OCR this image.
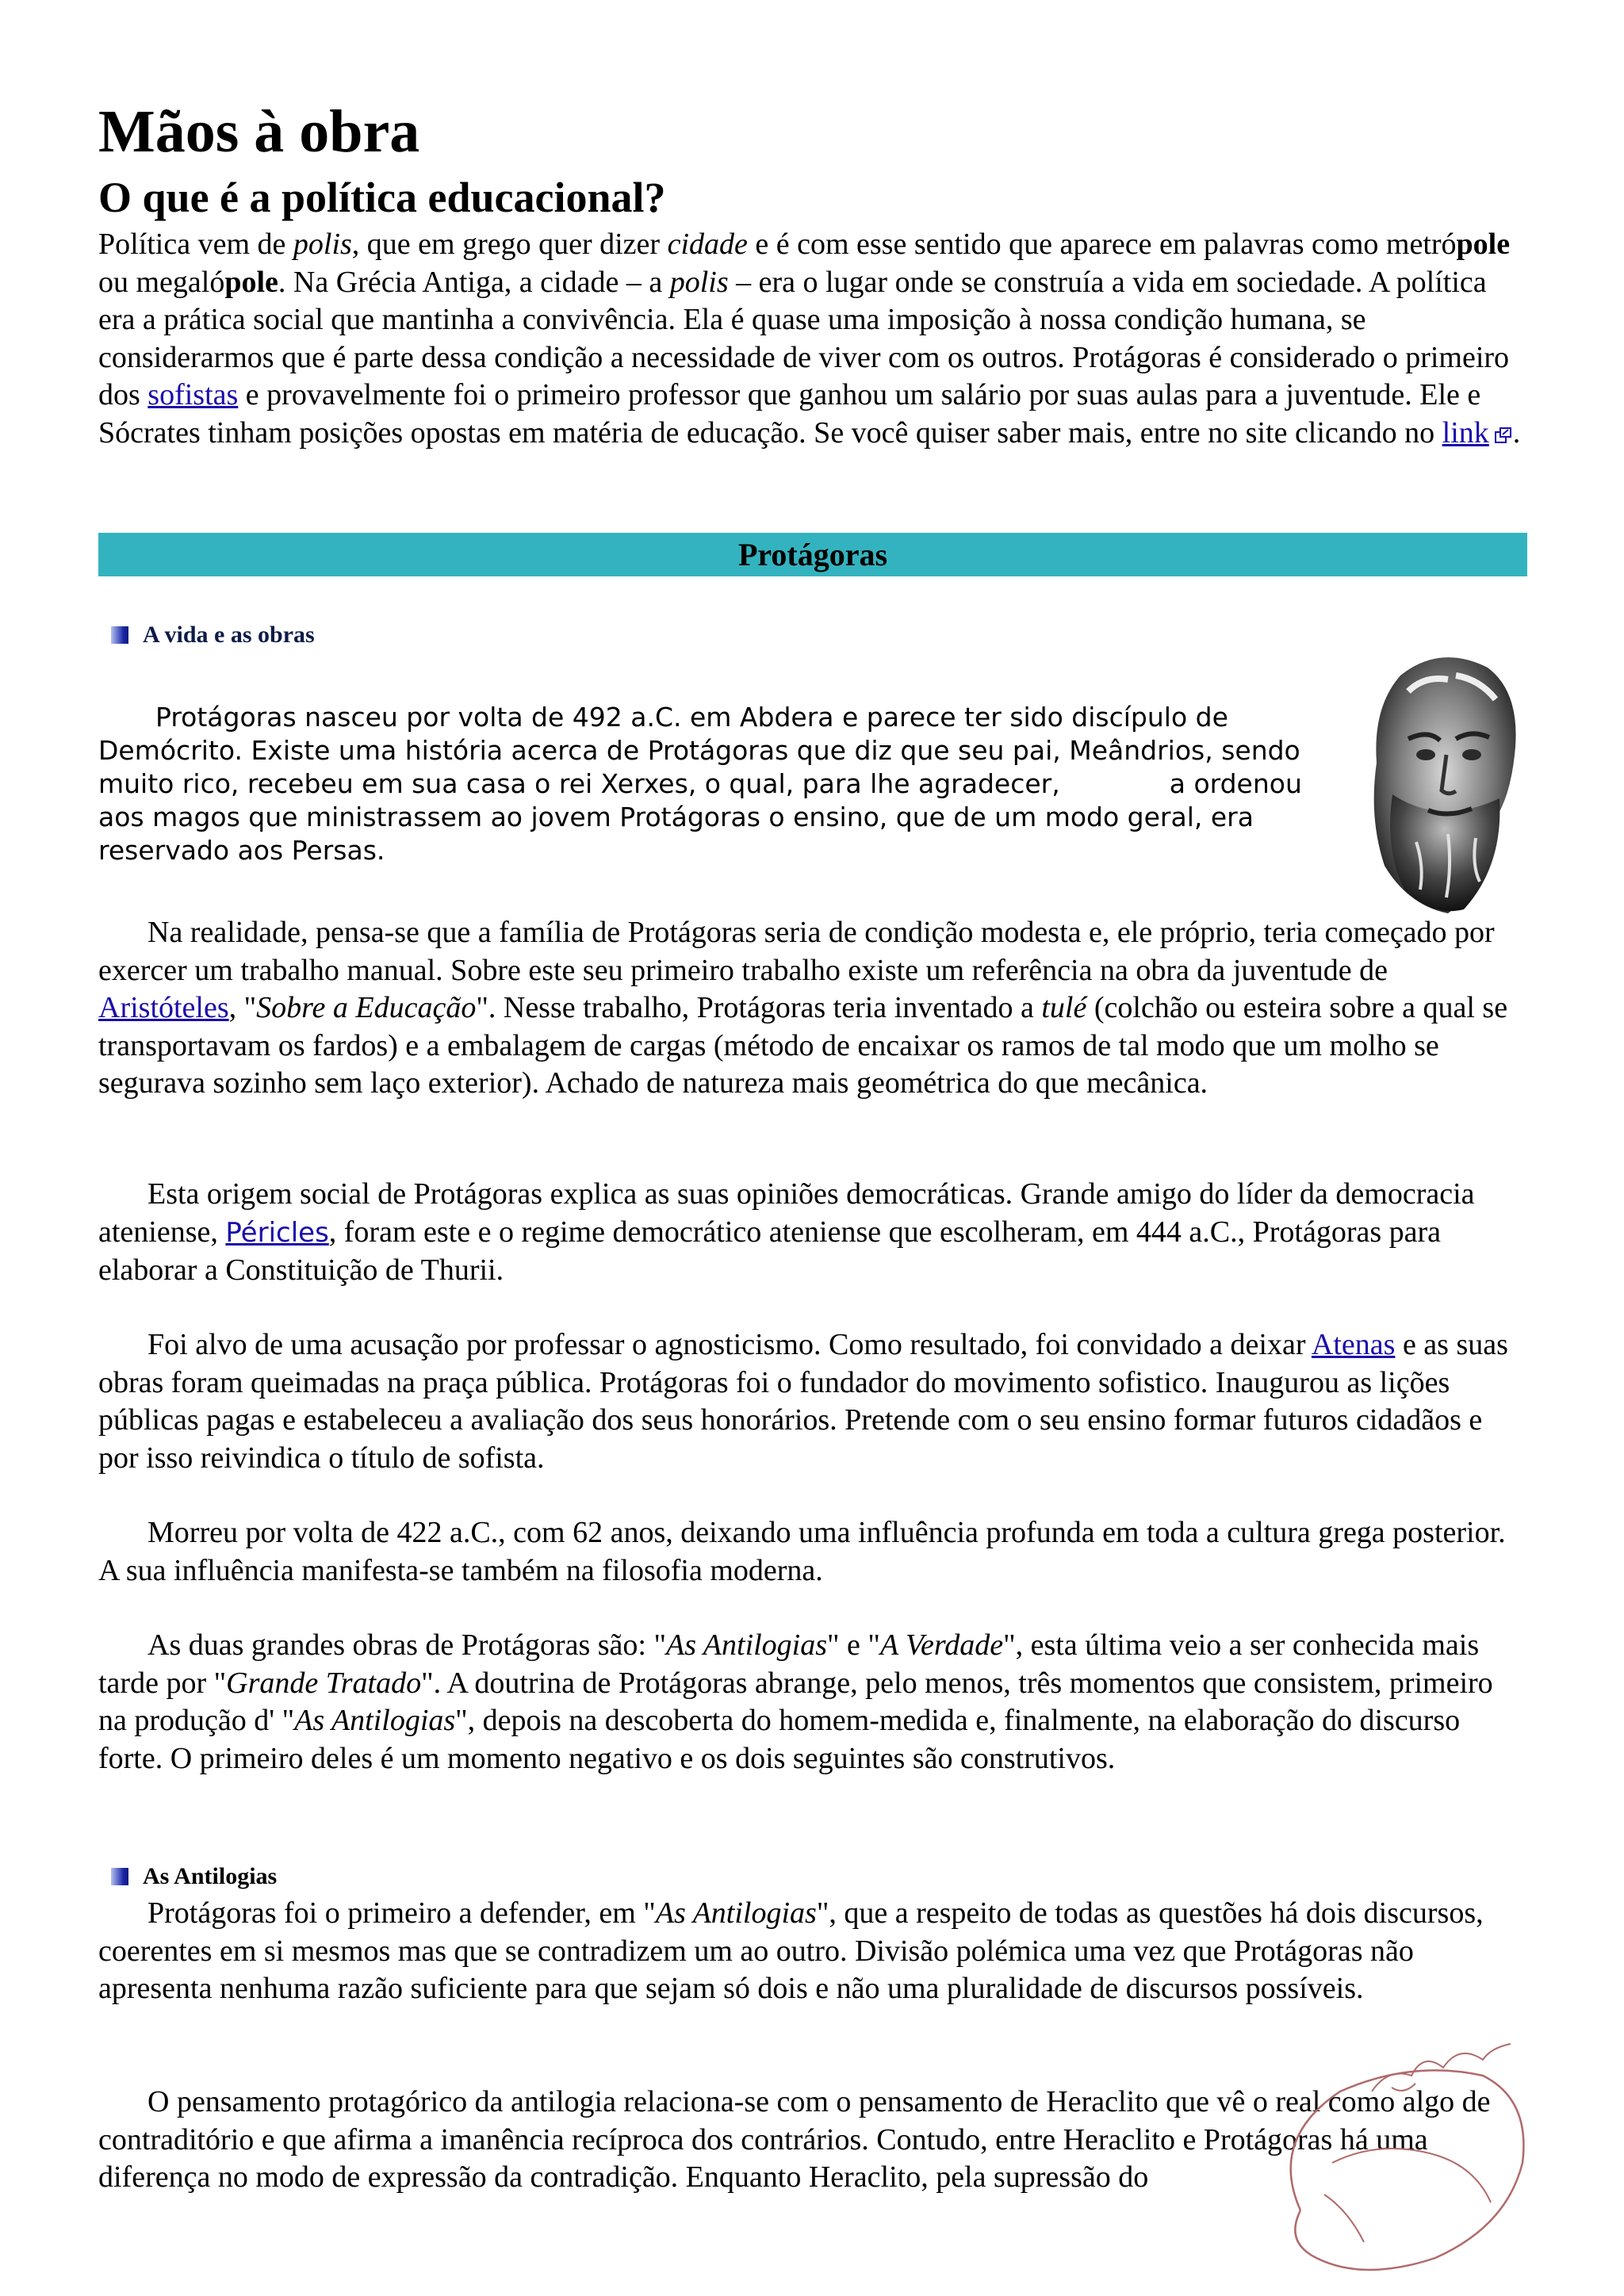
Mãos à obra
O que é a política educacional?

Política vem de polis, que em grego quer dizer cidade e é com esse sentido que aparece em palavras como metrópole ou megalópole. Na Grécia Antiga, a cidade – a polis – era o lugar onde se construía a vida em sociedade. A política era a prática social que mantinha a convivência. Ela é quase uma imposição à nossa condição humana, se considerarmos que é parte dessa condição a necessidade de viver com os outros. Protágoras é considerado o primeiro dos sofistas e provavelmente foi o primeiro professor que ganhou um salário por suas aulas para a juventude. Ele e Sócrates tinham posições opostas em matéria de educação. Se você quiser saber mais, entre no site clicando no link .

Protágoras
A vida e as obras
Protágoras nasceu por volta de 492 a.C. em Abdera e parece ter sido discípulo de Demócrito. Existe uma história acerca de Protágoras que diz que seu pai, Meândrios, sendo muito rico, recebeu em sua casa o rei Xerxes, o qual, para lhe agradecer,	a ordenou aos magos que ministrassem ao jovem Protágoras o ensino, que de um modo geral, era reservado aos Persas.

Na realidade, pensa-se que a família de Protágoras seria de condição modesta e, ele próprio, teria começado por exercer um trabalho manual. Sobre este seu primeiro trabalho existe um referência na obra da juventude de Aristóteles, "Sobre a Educação". Nesse trabalho, Protágoras teria inventado a tulé (colchão ou esteira sobre a qual se transportavam os fardos) e a embalagem de cargas (método de encaixar os ramos de tal modo que um molho se segurava sozinho sem laço exterior). Achado de natureza mais geométrica do que mecânica.

Esta origem social de Protágoras explica as suas opiniões democráticas. Grande amigo do líder da democracia ateniense, Péricles, foram este e o regime democrático ateniense que escolheram, em 444 a.C., Protágoras para elaborar a Constituição de Thurii.

Foi alvo de uma acusação por professar o agnosticismo. Como resultado, foi convidado a deixar Atenas e as suas obras foram queimadas na praça pública. Protágoras foi o fundador do movimento sofistico. Inaugurou as lições públicas pagas e estabeleceu a avaliação dos seus honorários. Pretende com o seu ensino formar futuros cidadãos e por isso reivindica o título de sofista.

Morreu por volta de 422 a.C., com 62 anos, deixando uma influência profunda em toda a cultura grega posterior. A sua influência manifesta-se também na filosofia moderna.

As duas grandes obras de Protágoras são: "As Antilogias" e "A Verdade", esta última veio a ser conhecida mais tarde por "Grande Tratado". A doutrina de Protágoras abrange, pelo menos, três momentos que consistem, primeiro na produção d' "As Antilogias", depois na descoberta do homem-medida e, finalmente, na elaboração do discurso forte. O primeiro deles é um momento negativo e os dois seguintes são construtivos.

As Antilogias

Protágoras foi o primeiro a defender, em "As Antilogias", que a respeito de todas as questões há dois discursos, coerentes em si mesmos mas que se contradizem um ao outro. Divisão polémica uma vez que Protágoras não apresenta nenhuma razão suficiente para que sejam só dois e não uma pluralidade de discursos possíveis.

O pensamento protagórico da antilogia relaciona-se com o pensamento de Heraclito que vê o real como algo de contraditório e que afirma a imanência recíproca dos contrários. Contudo, entre Heraclito e Protágoras há uma diferença no modo de expressão da contradição. Enquanto Heraclito, pela supressão do
